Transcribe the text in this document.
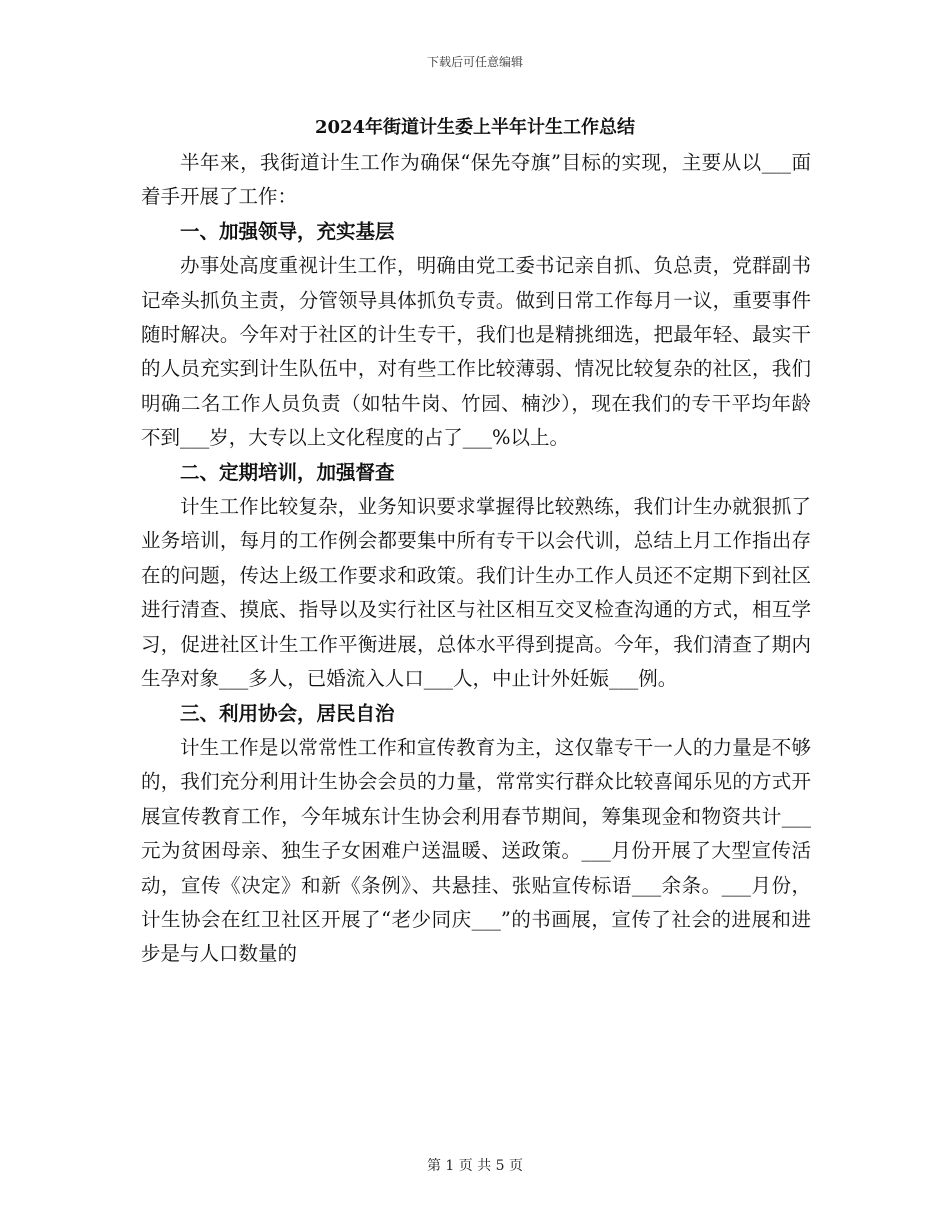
下载后可任意编辑
2024年街道计生委上半年计生工作总结

半年来，我街道计生工作为确保“保先夺旗”目标的实现，主要从以___面着手开展了工作：

一、加强领导，充实基层

办事处高度重视计生工作，明确由党工委书记亲自抓、负总责，党群副书记牵头抓负主责，分管领导具体抓负专责。做到日常工作每月一议，重要事件随时解决。今年对于社区的计生专干，我们也是精挑细选，把最年轻、最实干的人员充实到计生队伍中，对有些工作比较薄弱、情况比较复杂的社区，我们明确二名工作人员负责（如牯牛岗、竹园、楠沙），现在我们的专干平均年龄不到___岁，大专以上文化程度的占了___%以上。

二、定期培训，加强督查

计生工作比较复杂，业务知识要求掌握得比较熟练，我们计生办就狠抓了业务培训，每月的工作例会都要集中所有专干以会代训，总结上月工作指出存在的问题，传达上级工作要求和政策。我们计生办工作人员还不定期下到社区进行清查、摸底、指导以及实行社区与社区相互交叉检查沟通的方式，相互学习，促进社区计生工作平衡进展，总体水平得到提高。今年，我们清查了期内生孕对象___多人，已婚流入人口___人，中止计外妊娠___例。

三、利用协会，居民自治

计生工作是以常常性工作和宣传教育为主，这仅靠专干一人的力量是不够的，我们充分利用计生协会会员的力量，常常实行群众比较喜闻乐见的方式开展宣传教育工作，今年城东计生协会利用春节期间，筹集现金和物资共计___元为贫困母亲、独生子女困难户送温暖、送政策。___月份开展了大型宣传活动，宣传《决定》和新《条例》、共悬挂、张贴宣传标语___余条。___月份，计生协会在红卫社区开展了“老少同庆___”的书画展，宣传了社会的进展和进步是与人口数量的

第 1 页 共 5 页
